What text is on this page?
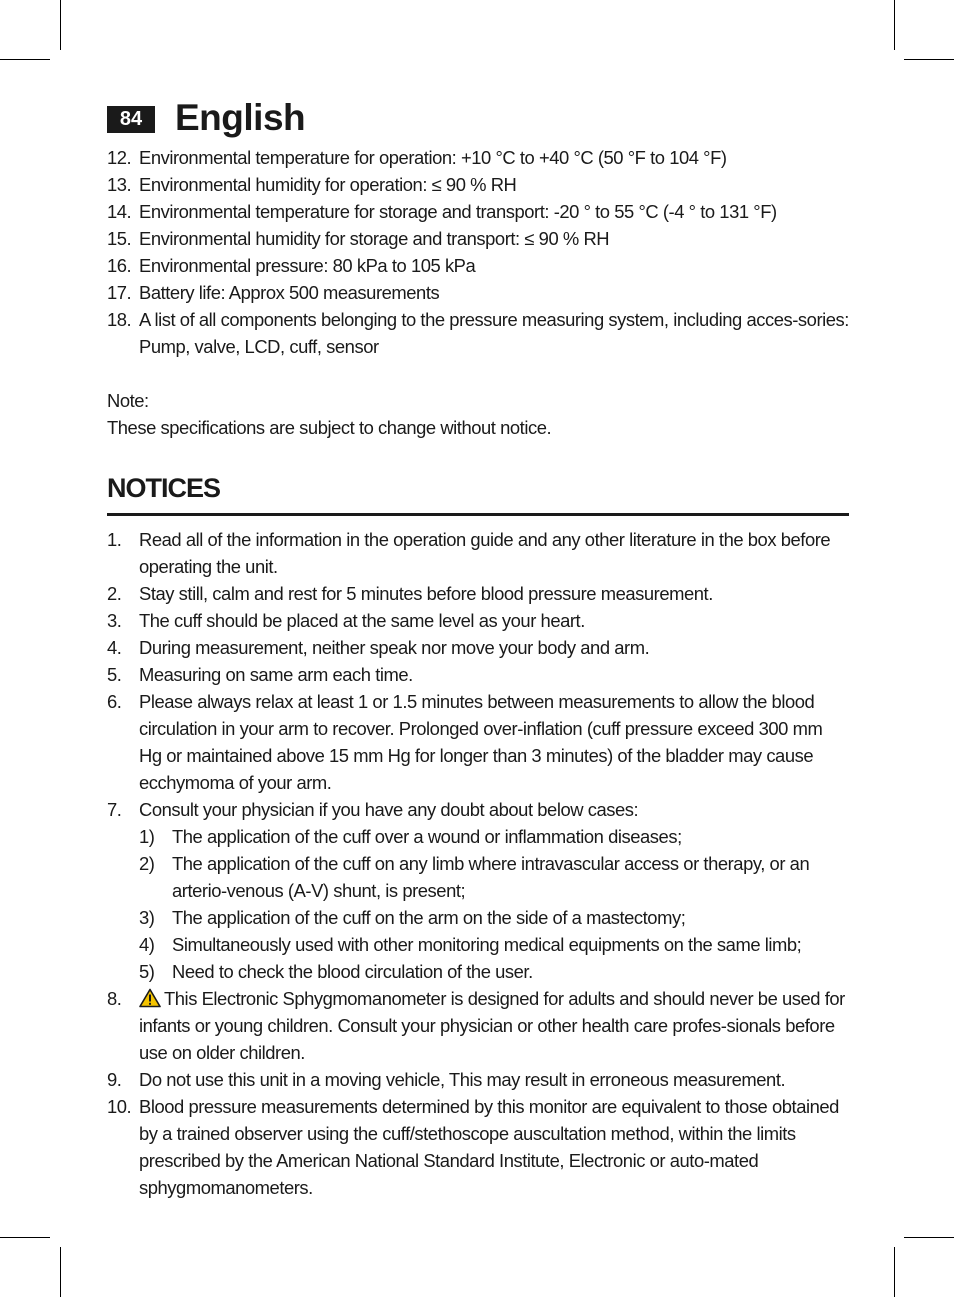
84 English
12. Environmental temperature for operation: +10 °C to +40 °C (50 °F to 104 °F)
13. Environmental humidity for operation: ≤ 90 % RH
14. Environmental temperature for storage and transport: -20 ° to 55 °C (-4 ° to 131 °F)
15. Environmental humidity for storage and transport: ≤ 90 % RH
16. Environmental pressure: 80 kPa to 105 kPa
17. Battery life: Approx 500 measurements
18. A list of all components belonging to the pressure measuring system, including acces-sories: Pump, valve, LCD, cuff, sensor
Note:
These specifications are subject to change without notice.
NOTICES
1. Read all of the information in the operation guide and any other literature in the box before operating the unit.
2. Stay still, calm and rest for 5 minutes before blood pressure measurement.
3. The cuff should be placed at the same level as your heart.
4. During measurement, neither speak nor move your body and arm.
5. Measuring on same arm each time.
6. Please always relax at least 1 or 1.5 minutes between measurements to allow the blood circulation in your arm to recover. Prolonged over-inflation (cuff pressure exceed 300 mm Hg or maintained above 15 mm Hg for longer than 3 minutes) of the bladder may cause ecchymoma of your arm.
7. Consult your physician if you have any doubt about below cases:
1) The application of the cuff over a wound or inflammation diseases;
2) The application of the cuff on any limb where intravascular access or therapy, or an arterio-venous (A-V) shunt, is present;
3) The application of the cuff on the arm on the side of a mastectomy;
4) Simultaneously used with other monitoring medical equipments on the same limb;
5) Need to check the blood circulation of the user.
8.	This Electronic Sphygmomanometer is designed for adults and should never be used for infants or young children. Consult your physician or other health care profes-sionals before use on older children.
9. Do not use this unit in a moving vehicle, This may result in erroneous measurement.
10. Blood pressure measurements determined by this monitor are equivalent to those obtained by a trained observer using the cuff/stethoscope auscultation method, within the limits prescribed by the American National Standard Institute, Electronic or auto-mated sphygmomanometers.
